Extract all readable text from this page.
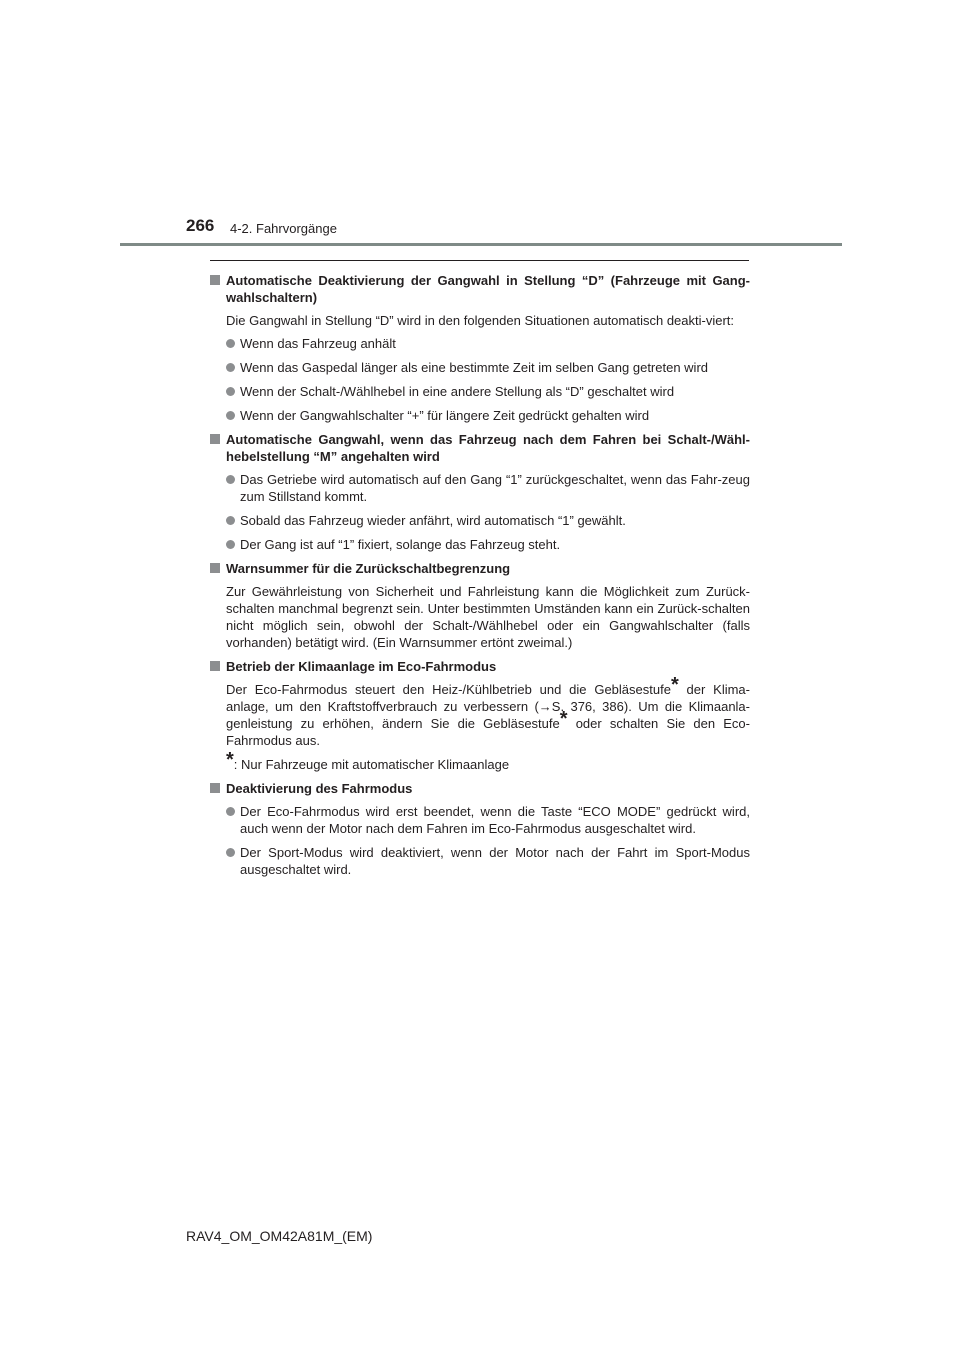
266 4-2. Fahrvorgänge
Automatische Deaktivierung der Gangwahl in Stellung “D” (Fahrzeuge mit Gang-wahlschaltern)
Die Gangwahl in Stellung “D” wird in den folgenden Situationen automatisch deakti-viert:
Wenn das Fahrzeug anhält
Wenn das Gaspedal länger als eine bestimmte Zeit im selben Gang getreten wird
Wenn der Schalt-/Wählhebel in eine andere Stellung als “D” geschaltet wird
Wenn der Gangwahlschalter “+” für längere Zeit gedrückt gehalten wird
Automatische Gangwahl, wenn das Fahrzeug nach dem Fahren bei Schalt-/Wähl-hebelstellung “M” angehalten wird
Das Getriebe wird automatisch auf den Gang “1” zurückgeschaltet, wenn das Fahr-zeug zum Stillstand kommt.
Sobald das Fahrzeug wieder anfährt, wird automatisch “1” gewählt.
Der Gang ist auf “1” fixiert, solange das Fahrzeug steht.
Warnsummer für die Zurückschaltbegrenzung
Zur Gewährleistung von Sicherheit und Fahrleistung kann die Möglichkeit zum Zurück-schalten manchmal begrenzt sein. Unter bestimmten Umständen kann ein Zurück-schalten nicht möglich sein, obwohl der Schalt-/Wählhebel oder ein Gangwahlschalter (falls vorhanden) betätigt wird. (Ein Warnsummer ertönt zweimal.)
Betrieb der Klimaanlage im Eco-Fahrmodus
Der Eco-Fahrmodus steuert den Heiz-/Kühlbetrieb und die Gebläsestufe* der Klima-anlage, um den Kraftstoffverbrauch zu verbessern (→S. 376, 386). Um die Klimaanla-genleistung zu erhöhen, ändern Sie die Gebläsestufe* oder schalten Sie den Eco-Fahrmodus aus.
*: Nur Fahrzeuge mit automatischer Klimaanlage
Deaktivierung des Fahrmodus
Der Eco-Fahrmodus wird erst beendet, wenn die Taste “ECO MODE” gedrückt wird, auch wenn der Motor nach dem Fahren im Eco-Fahrmodus ausgeschaltet wird.
Der Sport-Modus wird deaktiviert, wenn der Motor nach der Fahrt im Sport-Modus ausgeschaltet wird.
RAV4_OM_OM42A81M_(EM)
